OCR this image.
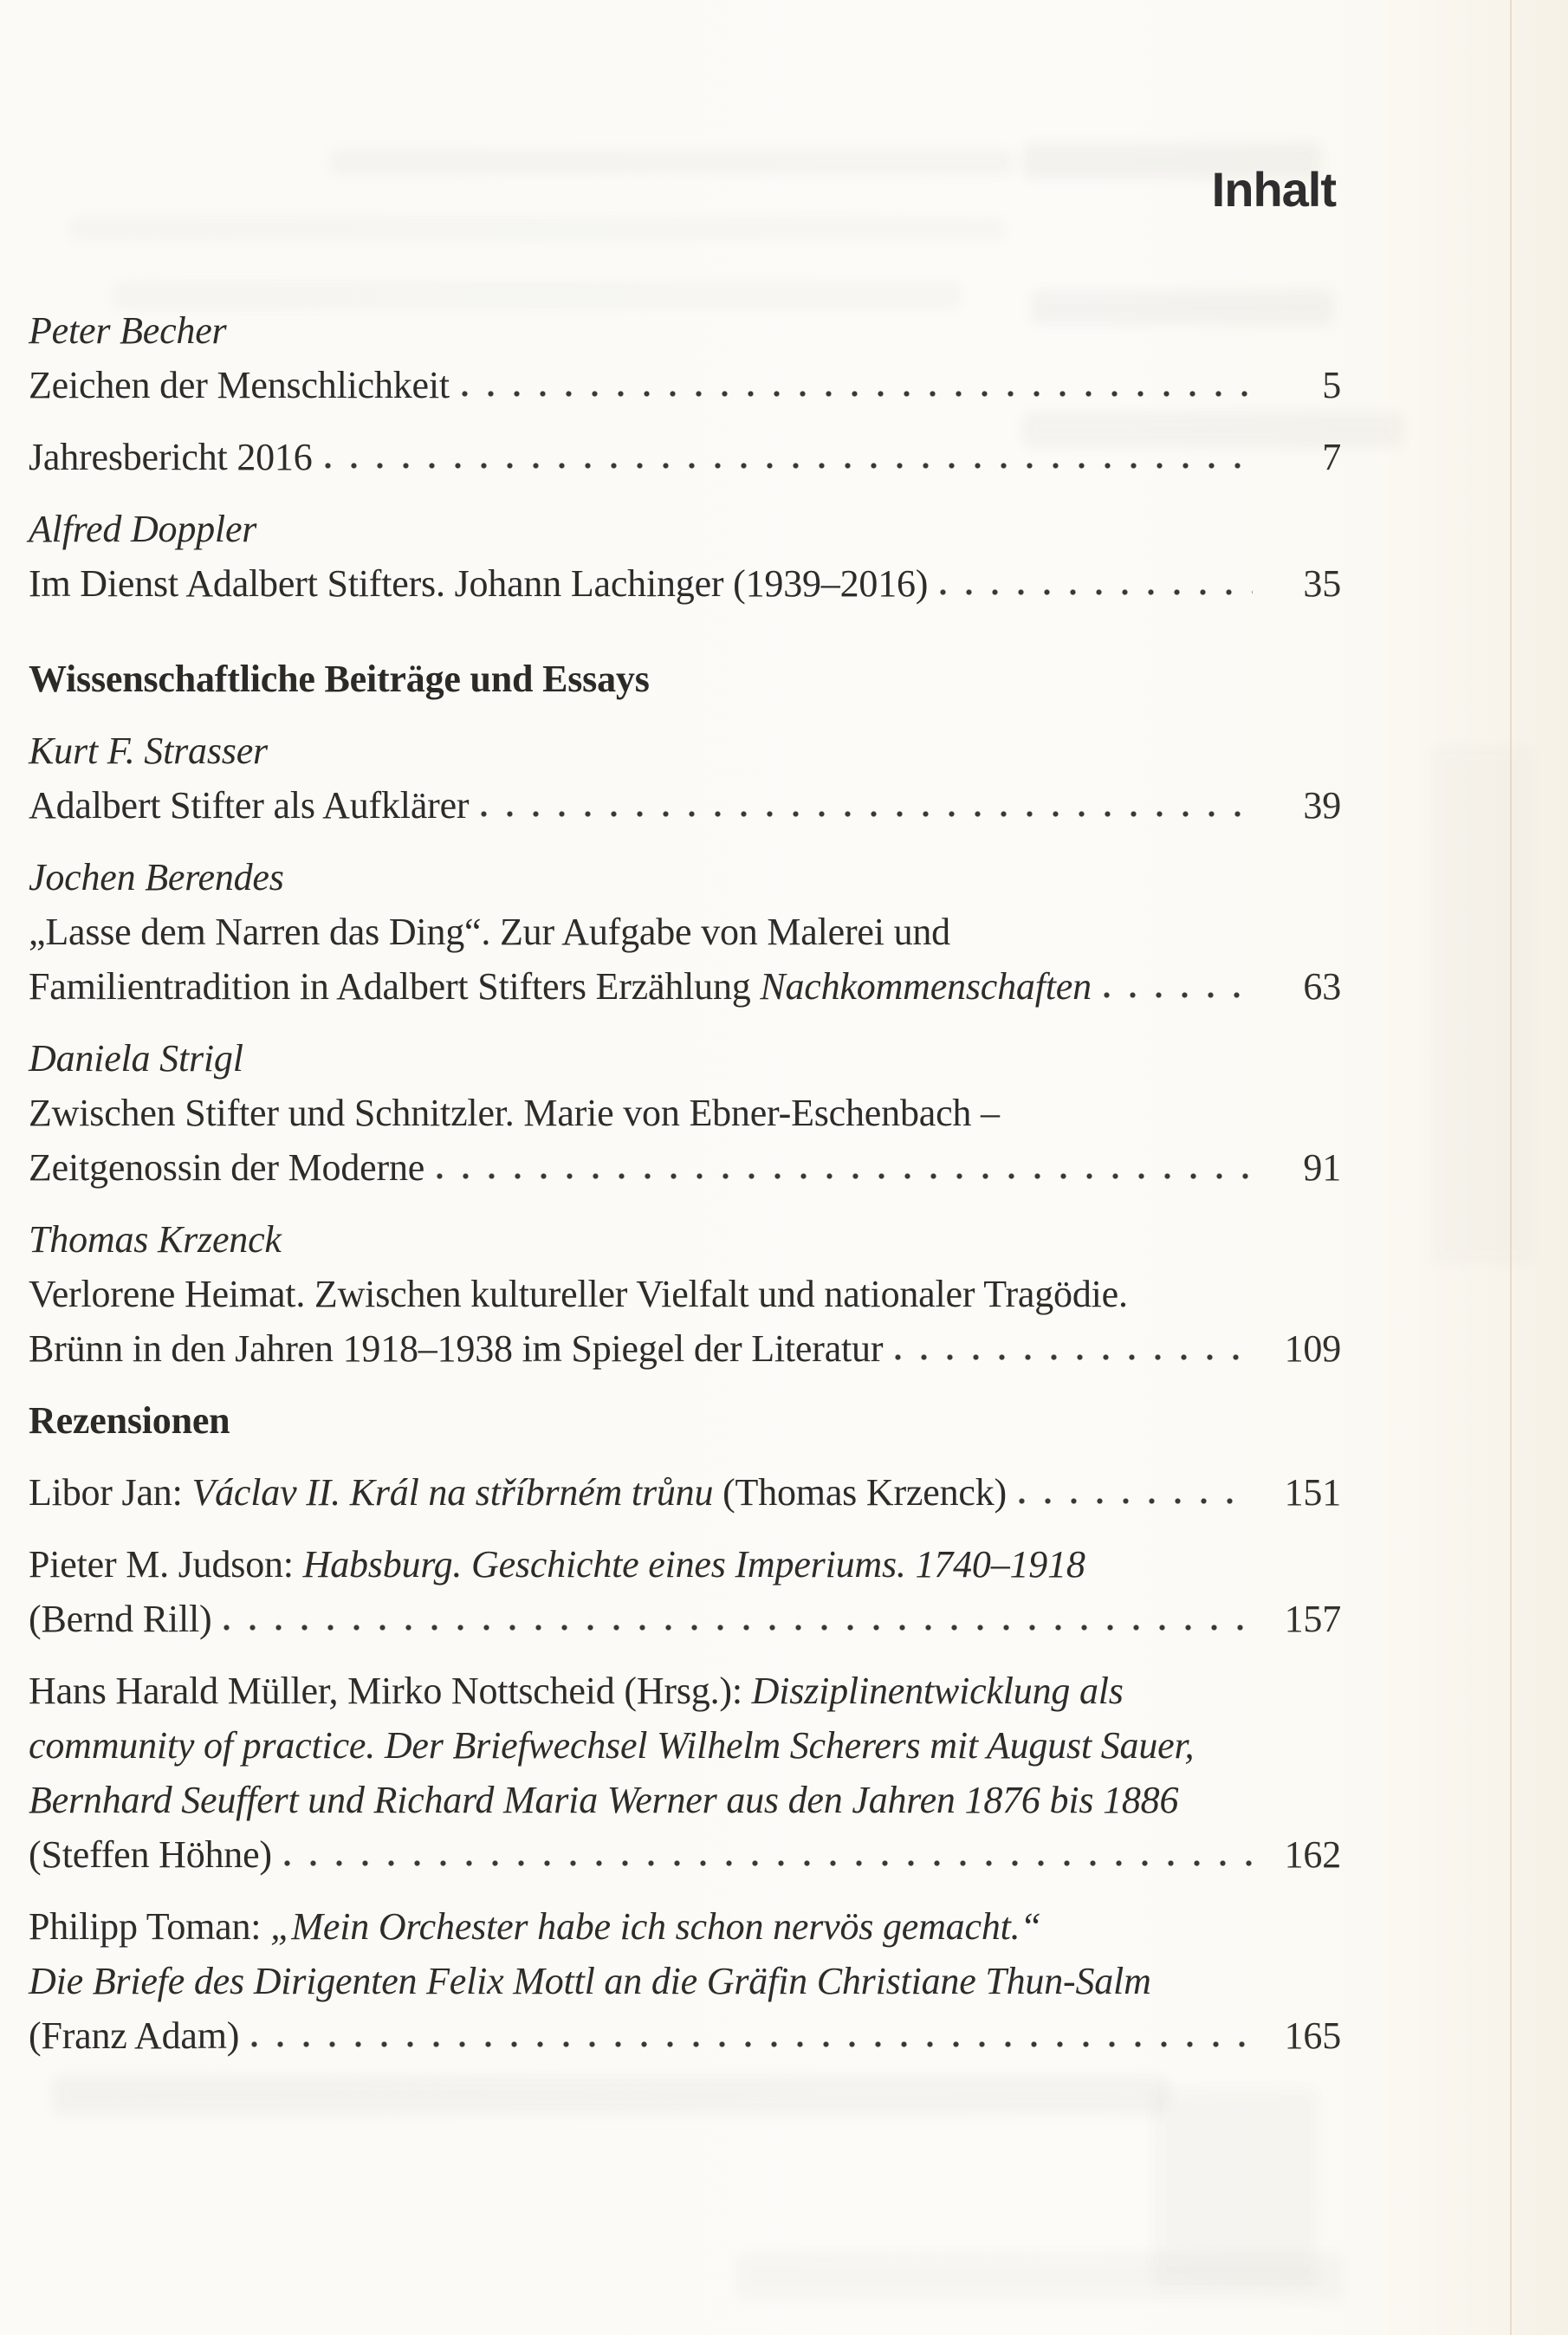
Inhalt
Peter Becher
Zeichen der Menschlichkeit	5
Jahresbericht 2016	7
Alfred Doppler
Im Dienst Adalbert Stifters. Johann Lachinger (1939–2016)	35
Wissenschaftliche Beiträge und Essays
Kurt F. Strasser
Adalbert Stifter als Aufklärer	39
Jochen Berendes
„Lasse dem Narren das Ding“. Zur Aufgabe von Malerei und
Familientradition in Adalbert Stifters Erzählung Nachkommenschaften	63
Daniela Strigl
Zwischen Stifter und Schnitzler. Marie von Ebner-Eschenbach –
Zeitgenossin der Moderne	91
Thomas Krzenck
Verlorene Heimat. Zwischen kultureller Vielfalt und nationaler Tragödie.
Brünn in den Jahren 1918–1938 im Spiegel der Literatur	109
Rezensionen
Libor Jan: Václav II. Král na stříbrném trůnu (Thomas Krzenck)	151
Pieter M. Judson: Habsburg. Geschichte eines Imperiums. 1740–1918
(Bernd Rill)	157
Hans Harald Müller, Mirko Nottscheid (Hrsg.): Disziplinentwicklung als
community of practice. Der Briefwechsel Wilhelm Scherers mit August Sauer,
Bernhard Seuffert und Richard Maria Werner aus den Jahren 1876 bis 1886
(Steffen Höhne)	162
Philipp Toman: „Mein Orchester habe ich schon nervös gemacht.“
Die Briefe des Dirigenten Felix Mottl an die Gräfin Christiane Thun-Salm
(Franz Adam)	165
